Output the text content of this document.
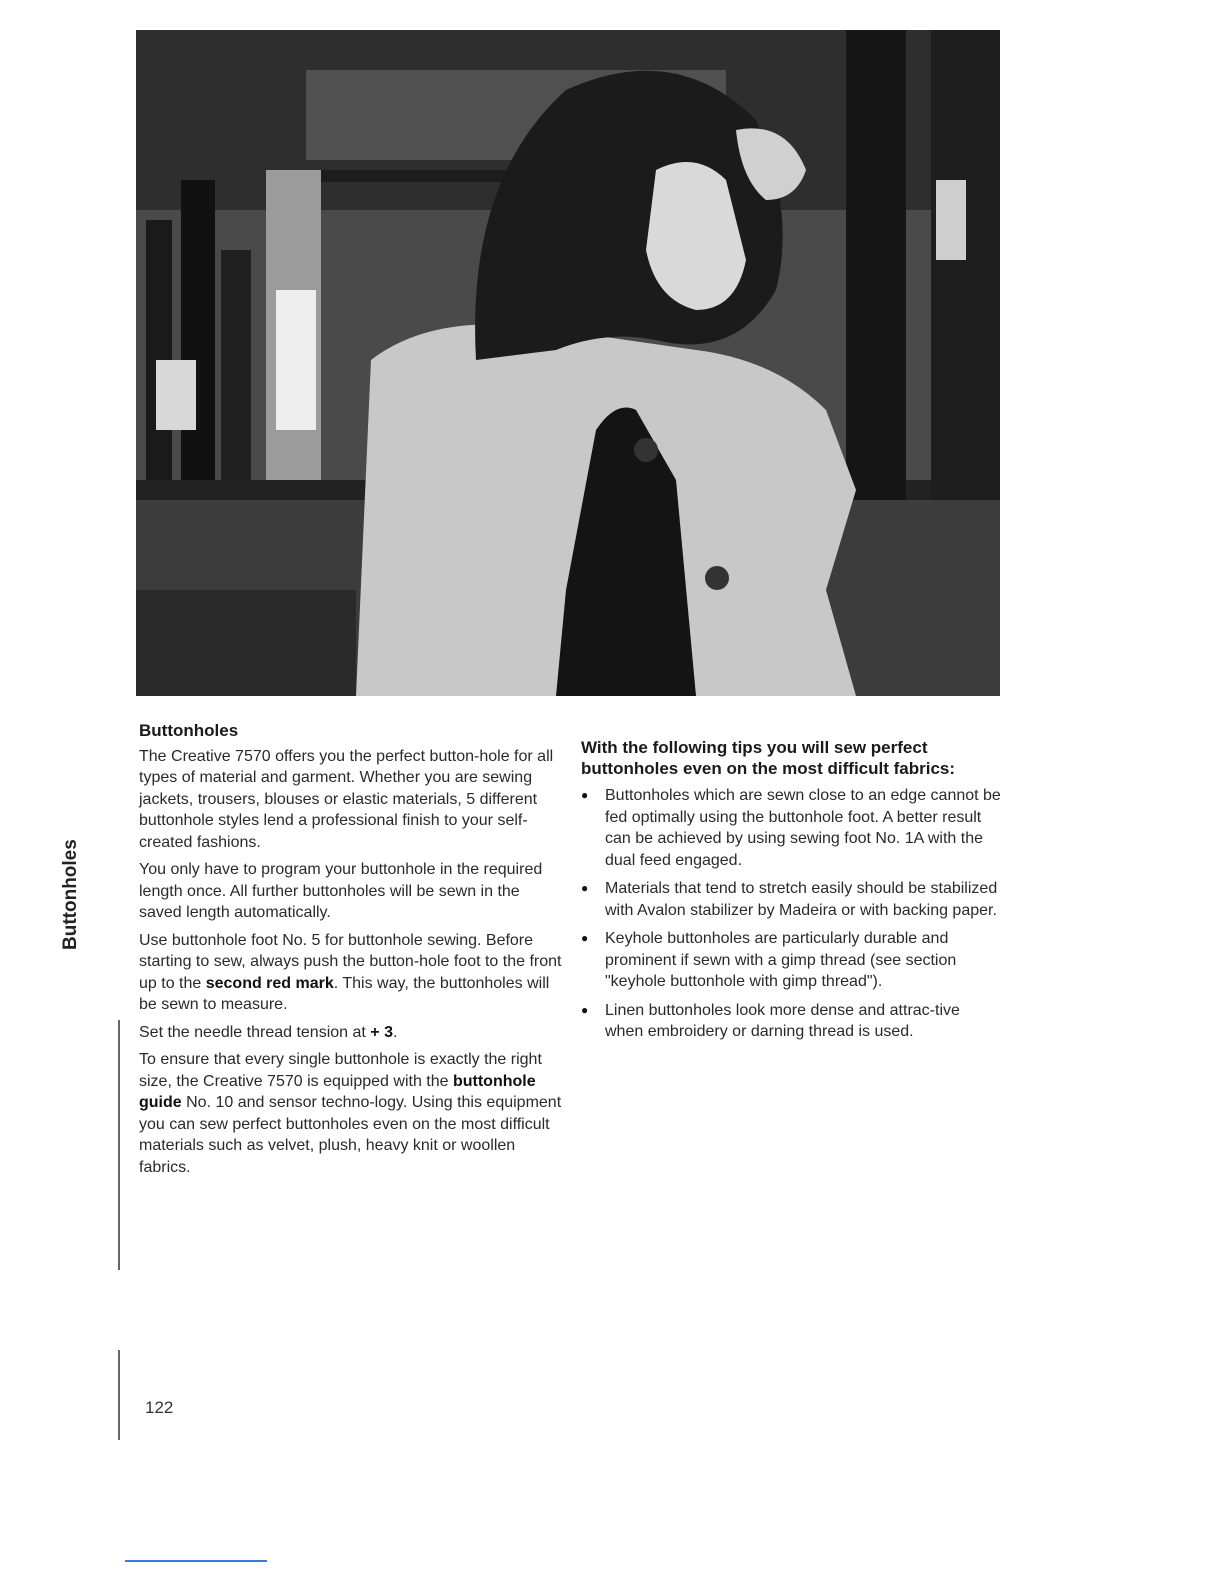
Buttonholes
Buttonholes

The Creative 7570 offers you the perfect button-hole for all types of material and garment. Whether you are sewing jackets, trousers, blouses or elastic materials, 5 different buttonhole styles lend a professional finish to your self-created fashions.

You only have to program your buttonhole in the required length once. All further buttonholes will be sewn in the saved length automatically.

Use buttonhole foot No. 5 for buttonhole sewing. Before starting to sew, always push the button-hole foot to the front up to the second red mark. This way, the buttonholes will be sewn to measure.

Set the needle thread tension at + 3.

To ensure that every single buttonhole is exactly the right size, the Creative 7570 is equipped with the buttonhole guide No. 10 and sensor techno-logy. Using this equipment you can sew perfect buttonholes even on the most difficult materials such as velvet, plush, heavy knit or woollen fabrics.

With the following tips you will sew perfect buttonholes even on the most difficult fabrics:
● Buttonholes which are sewn close to an edge cannot be fed optimally using the buttonhole foot. A better result can be achieved by using sewing foot No. 1A with the dual feed engaged.
● Materials that tend to stretch easily should be stabilized with Avalon stabilizer by Madeira or with backing paper.
● Keyhole buttonholes are particularly durable and prominent if sewn with a gimp thread (see section "keyhole buttonhole with gimp thread").
● Linen buttonholes look more dense and attrac-tive when embroidery or darning thread is used.
122
